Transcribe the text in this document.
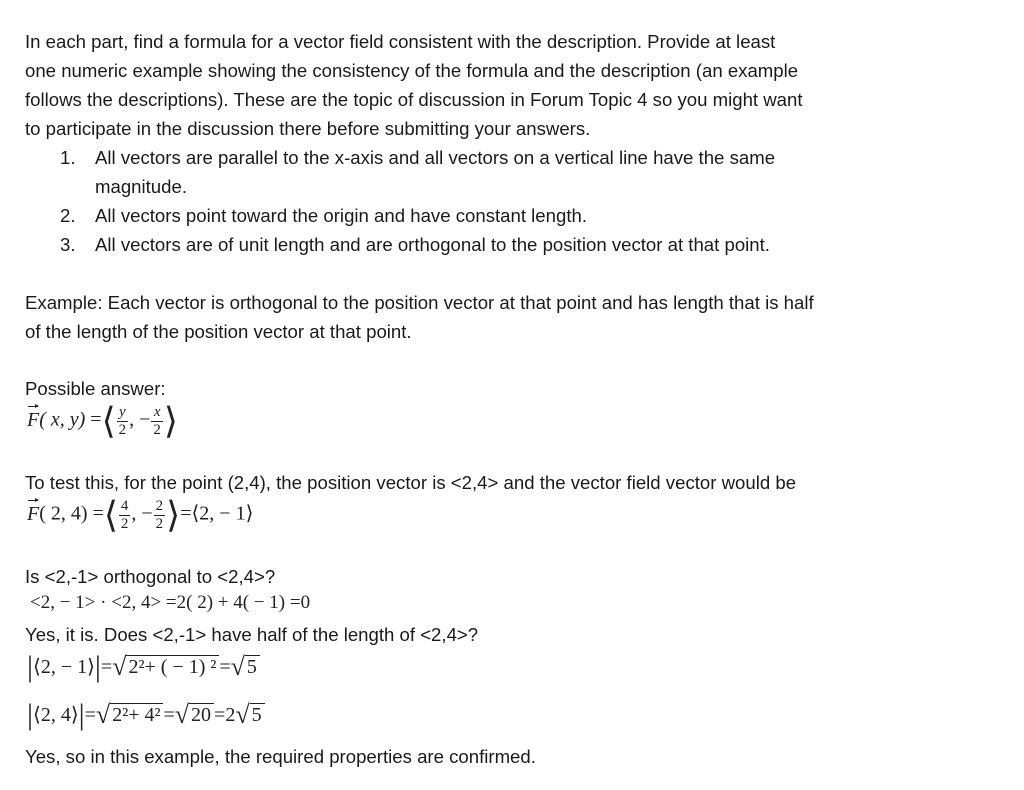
In each part, find a formula for a vector field consistent with the description. Provide at least
one numeric example showing the consistency of the formula and the description (an example
follows the descriptions). These are the topic of discussion in Forum Topic 4 so you might want
to participate in the discussion there before submitting your answers.
1. All vectors are parallel to the x-axis and all vectors on a vertical line have the same
magnitude.
2. All vectors point toward the origin and have constant length.
3. All vectors are of unit length and are orthogonal to the position vector at that point.
Example: Each vector is orthogonal to the position vector at that point and has length that is half
of the length of the position vector at that point.
Possible answer:
F( x, y) =⟨ $\frac{y}{2}$ , − $\frac{x}{2}$ ⟩
To test this, for the point (2,4), the position vector is <2,4> and the vector field vector would be
F( 2, 4) =⟨ $\frac{4}{2}$ , − $\frac{2}{2}$ ⟩=⟨2, − 1⟩
Is <2,-1> orthogonal to <2,4>?
<2, − 1> · <2, 4> =2( 2) + 4( − 1) =0
Yes, it is. Does <2,-1> have half of the length of <2,4>?
|⟨2, − 1⟩|=√ 2²+ ( − 1) ² =√ 5
|⟨2, 4⟩|=√ 2²+ 4² =√ 20 =2√ 5
Yes, so in this example, the required properties are confirmed.
